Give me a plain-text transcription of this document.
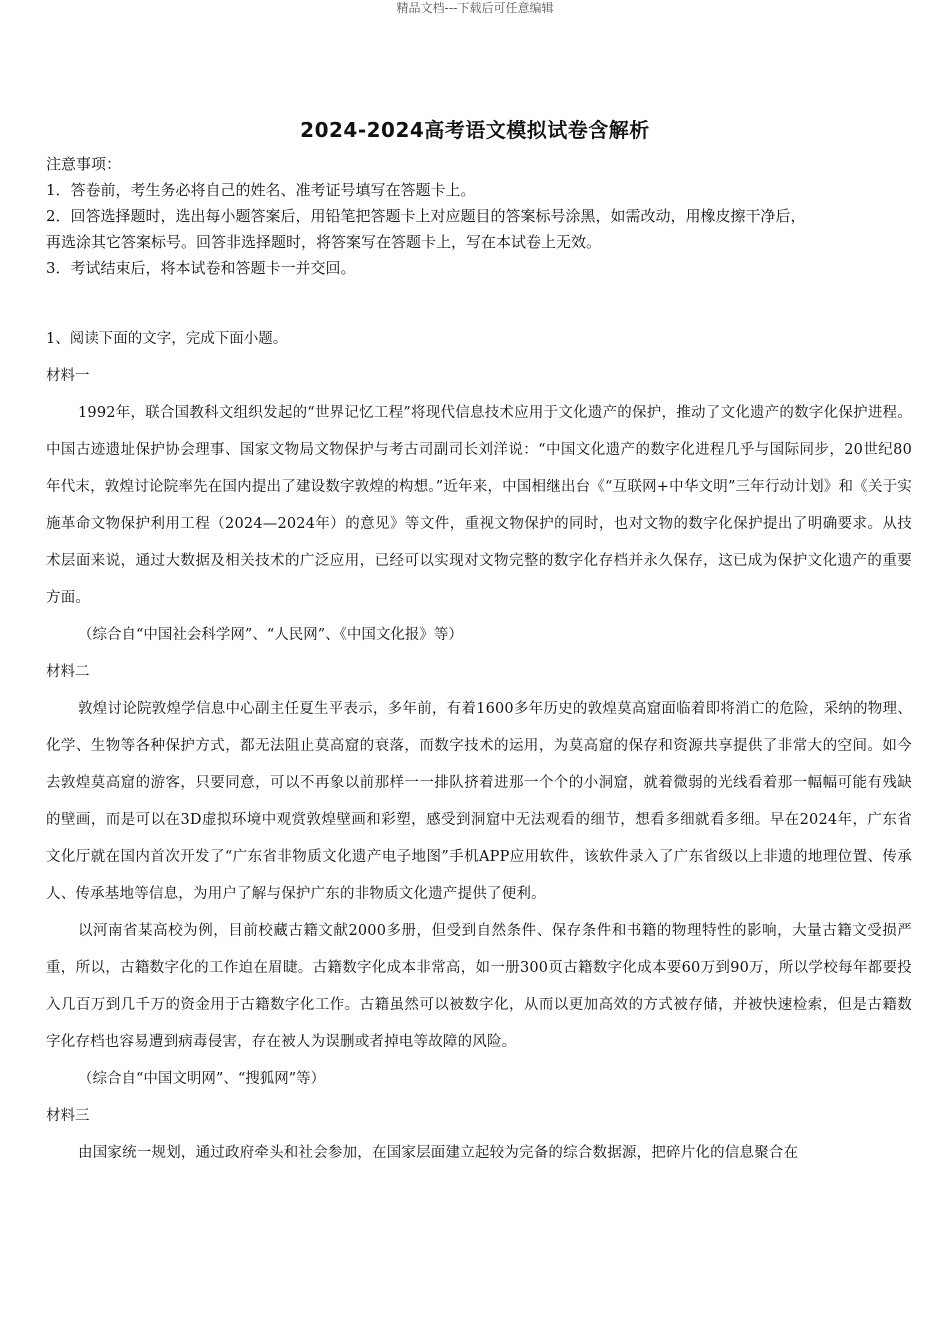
精品文档---下载后可任意编辑
2024-2024高考语文模拟试卷含解析
注意事项：
1．答卷前，考生务必将自己的姓名、准考证号填写在答题卡上。
2．回答选择题时，选出每小题答案后，用铅笔把答题卡上对应题目的答案标号涂黑，如需改动，用橡皮擦干净后，
再选涂其它答案标号。回答非选择题时，将答案写在答题卡上，写在本试卷上无效。
3．考试结束后，将本试卷和答题卡一并交回。
1、阅读下面的文字，完成下面小题。
材料一
1992年，联合国教科文组织发起的“世界记忆工程”将现代信息技术应用于文化遗产的保护，推动了文化遗产的数字化保护进程。中国古迹遗址保护协会理事、国家文物局文物保护与考古司副司长刘洋说：“中国文化遗产的数字化进程几乎与国际同步，20世纪80年代末，敦煌讨论院率先在国内提出了建设数字敦煌的构想。”近年来，中国相继出台《“互联网+中华文明”三年行动计划》和《关于实施革命文物保护利用工程（2024—2024年）的意见》等文件，重视文物保护的同时，也对文物的数字化保护提出了明确要求。从技术层面来说，通过大数据及相关技术的广泛应用，已经可以实现对文物完整的数字化存档并永久保存，这已成为保护文化遗产的重要方面。
（综合自“中国社会科学网”、“人民网”、《中国文化报》等）
材料二
敦煌讨论院敦煌学信息中心副主任夏生平表示，多年前，有着1600多年历史的敦煌莫高窟面临着即将消亡的危险，采纳的物理、化学、生物等各种保护方式，都无法阻止莫高窟的衰落，而数字技术的运用，为莫高窟的保存和资源共享提供了非常大的空间。如今去敦煌莫高窟的游客，只要同意，可以不再象以前那样一一排队挤着进那一个个的小洞窟，就着微弱的光线看着那一幅幅可能有残缺的壁画，而是可以在3D虚拟环境中观赏敦煌壁画和彩塑，感受到洞窟中无法观看的细节，想看多细就看多细。早在2024年，广东省文化厅就在国内首次开发了“广东省非物质文化遗产电子地图”手机APP应用软件，该软件录入了广东省级以上非遗的地理位置、传承人、传承基地等信息，为用户了解与保护广东的非物质文化遗产提供了便利。
以河南省某高校为例，目前校藏古籍文献2000多册，但受到自然条件、保存条件和书籍的物理特性的影响，大量古籍文受损严重，所以，古籍数字化的工作迫在眉睫。古籍数字化成本非常高，如一册300页古籍数字化成本要60万到90万，所以学校每年都要投入几百万到几千万的资金用于古籍数字化工作。古籍虽然可以被数字化，从而以更加高效的方式被存储，并被快速检索，但是古籍数字化存档也容易遭到病毒侵害，存在被人为误删或者掉电等故障的风险。
（综合自“中国文明网”、“搜狐网”等）
材料三
由国家统一规划，通过政府牵头和社会参加，在国家层面建立起较为完备的综合数据源，把碎片化的信息聚合在
